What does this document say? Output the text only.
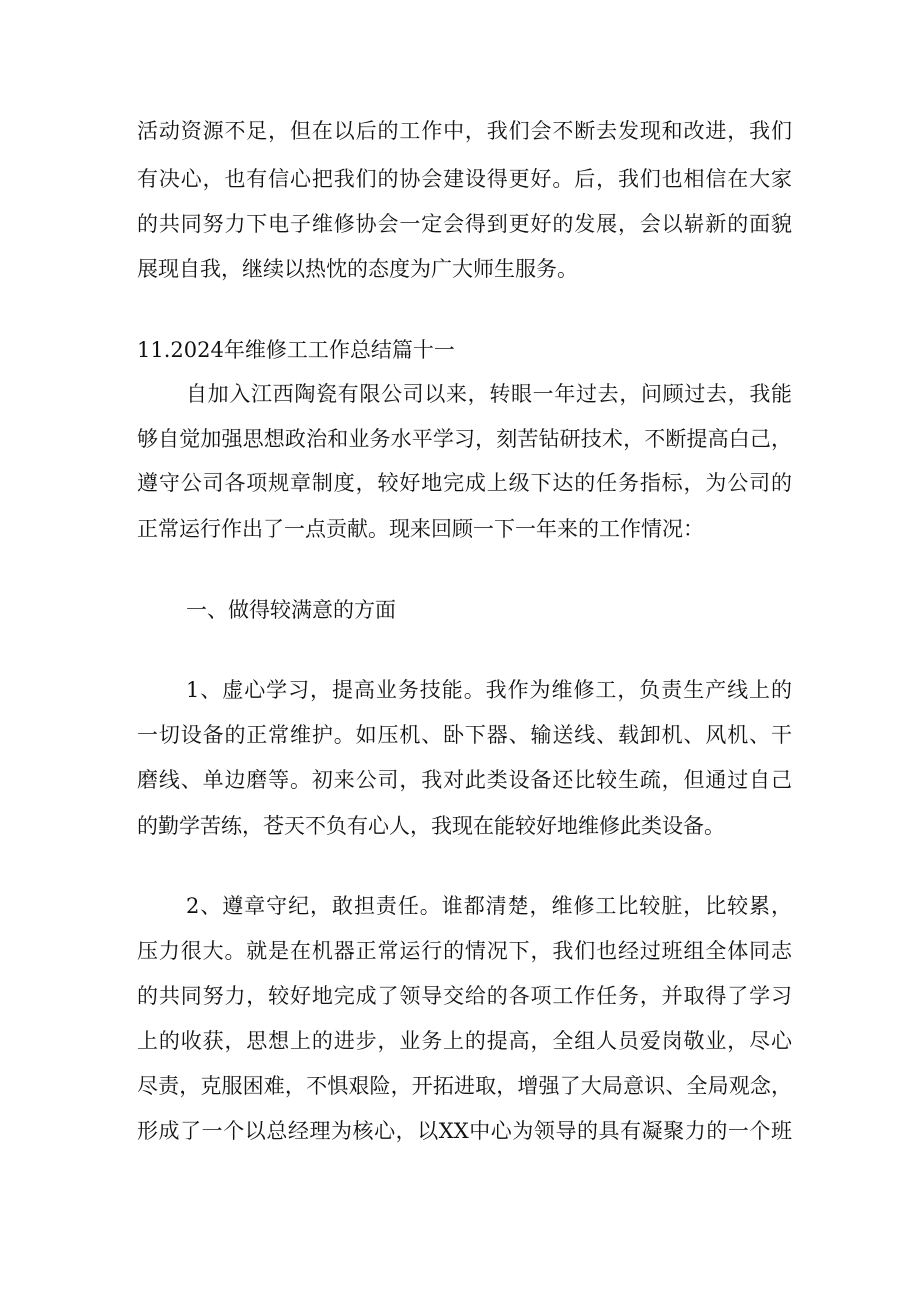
活动资源不足，但在以后的工作中，我们会不断去发现和改进，我们
有决心，也有信心把我们的协会建设得更好。后，我们也相信在大家
的共同努力下电子维修协会一定会得到更好的发展，会以崭新的面貌
展现自我，继续以热忱的态度为广大师生服务。
11.2024年维修工工作总结篇十一
自加入江西陶瓷有限公司以来，转眼一年过去，问顾过去，我能
够自觉加强思想政治和业务水平学习，刻苦钻研技术，不断提高白己，
遵守公司各项规章制度，较好地完成上级下达的任务指标，为公司的
正常运行作出了一点贡献。现来回顾一下一年来的工作情况：
一、做得较满意的方面
1、虚心学习，提高业务技能。我作为维修工，负责生产线上的
一切设备的正常维护。如压机、卧下器、输送线、载卸机、风机、干
磨线、单边磨等。初来公司，我对此类设备还比较生疏，但通过自己
的勤学苦练，苍天不负有心人，我现在能较好地维修此类设备。
2、遵章守纪，敢担责任。谁都清楚，维修工比较脏，比较累，
压力很大。就是在机器正常运行的情况下，我们也经过班组全体同志
的共同努力，较好地完成了领导交给的各项工作任务，并取得了学习
上的收获，思想上的进步，业务上的提高，全组人员爱岗敬业，尽心
尽责，克服困难，不惧艰险，开拓进取，增强了大局意识、全局观念，
形成了一个以总经理为核心，以XX中心为领导的具有凝聚力的一个班
